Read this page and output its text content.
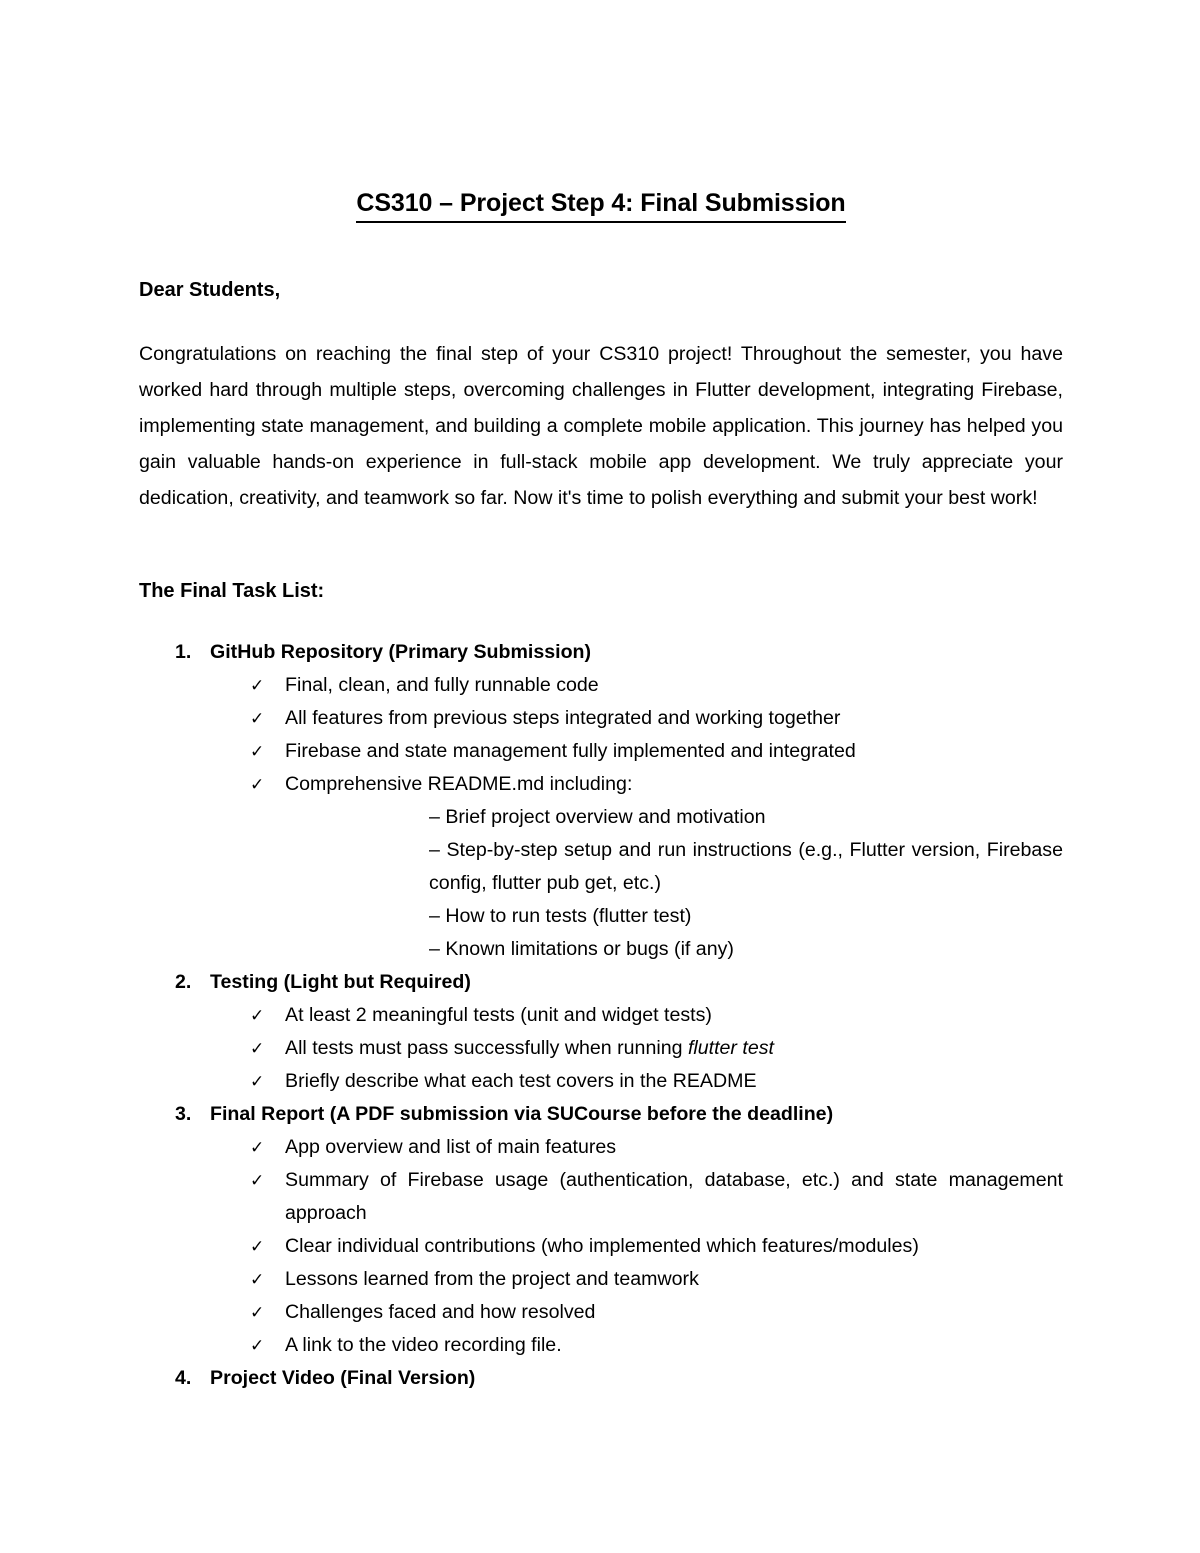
CS310 – Project Step 4: Final Submission
Dear Students,
Congratulations on reaching the final step of your CS310 project! Throughout the semester, you have worked hard through multiple steps, overcoming challenges in Flutter development, integrating Firebase, implementing state management, and building a complete mobile application. This journey has helped you gain valuable hands-on experience in full-stack mobile app development. We truly appreciate your dedication, creativity, and teamwork so far. Now it's time to polish everything and submit your best work!
The Final Task List:
1. GitHub Repository (Primary Submission)
✓ Final, clean, and fully runnable code
✓ All features from previous steps integrated and working together
✓ Firebase and state management fully implemented and integrated
✓ Comprehensive README.md including:
– Brief project overview and motivation
– Step-by-step setup and run instructions (e.g., Flutter version, Firebase config, flutter pub get, etc.)
– How to run tests (flutter test)
– Known limitations or bugs (if any)
2. Testing (Light but Required)
✓ At least 2 meaningful tests (unit and widget tests)
✓ All tests must pass successfully when running flutter test
✓ Briefly describe what each test covers in the README
3. Final Report (A PDF submission via SUCourse before the deadline)
✓ App overview and list of main features
✓ Summary of Firebase usage (authentication, database, etc.) and state management approach
✓ Clear individual contributions (who implemented which features/modules)
✓ Lessons learned from the project and teamwork
✓ Challenges faced and how resolved
✓ A link to the video recording file.
4. Project Video (Final Version)
